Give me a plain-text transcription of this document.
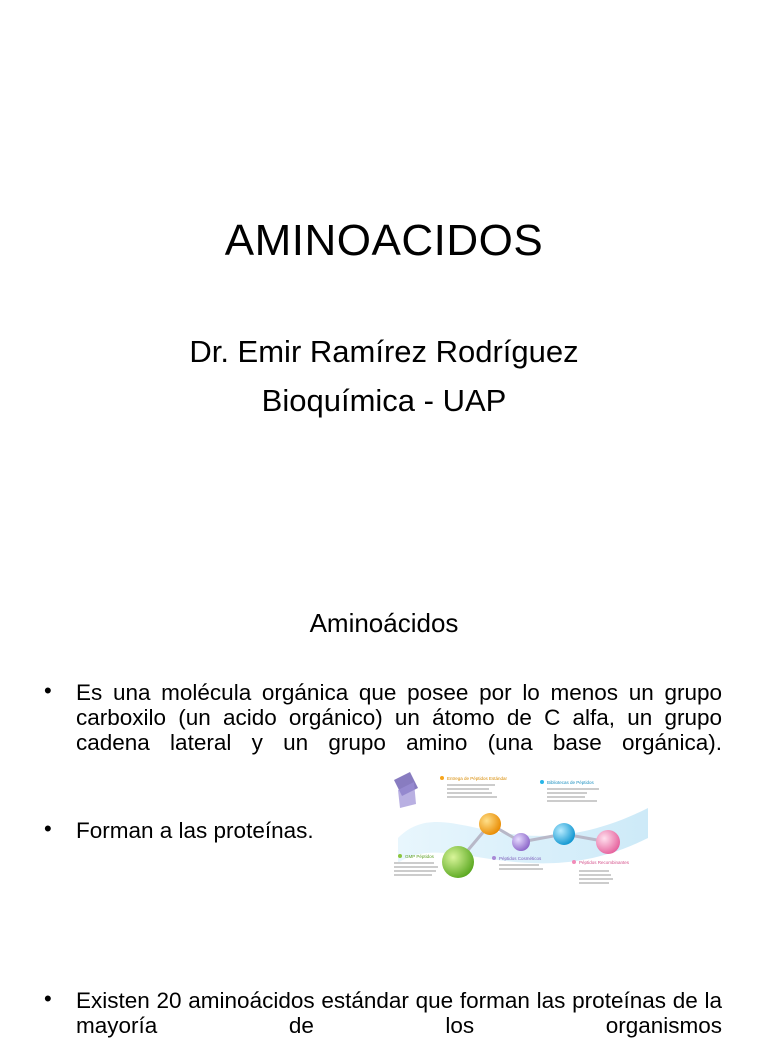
AMINOACIDOS
Dr. Emir Ramírez Rodríguez
Bioquímica - UAP
Aminoácidos
• Es una molécula orgánica que posee por lo menos un grupo carboxilo (un acido orgánico) un átomo de C alfa, un grupo cadena lateral y un grupo amino (una base orgánica).
• Forman a las proteínas.
• Existen 20 aminoácidos estándar que forman las proteínas de la mayoría de los organismos
Entrega de Péptidos Estándar
Bibliotecas de Péptidos
GMP Péptidos	Péptidos Cosméticos
Péptidos Recombinantes
